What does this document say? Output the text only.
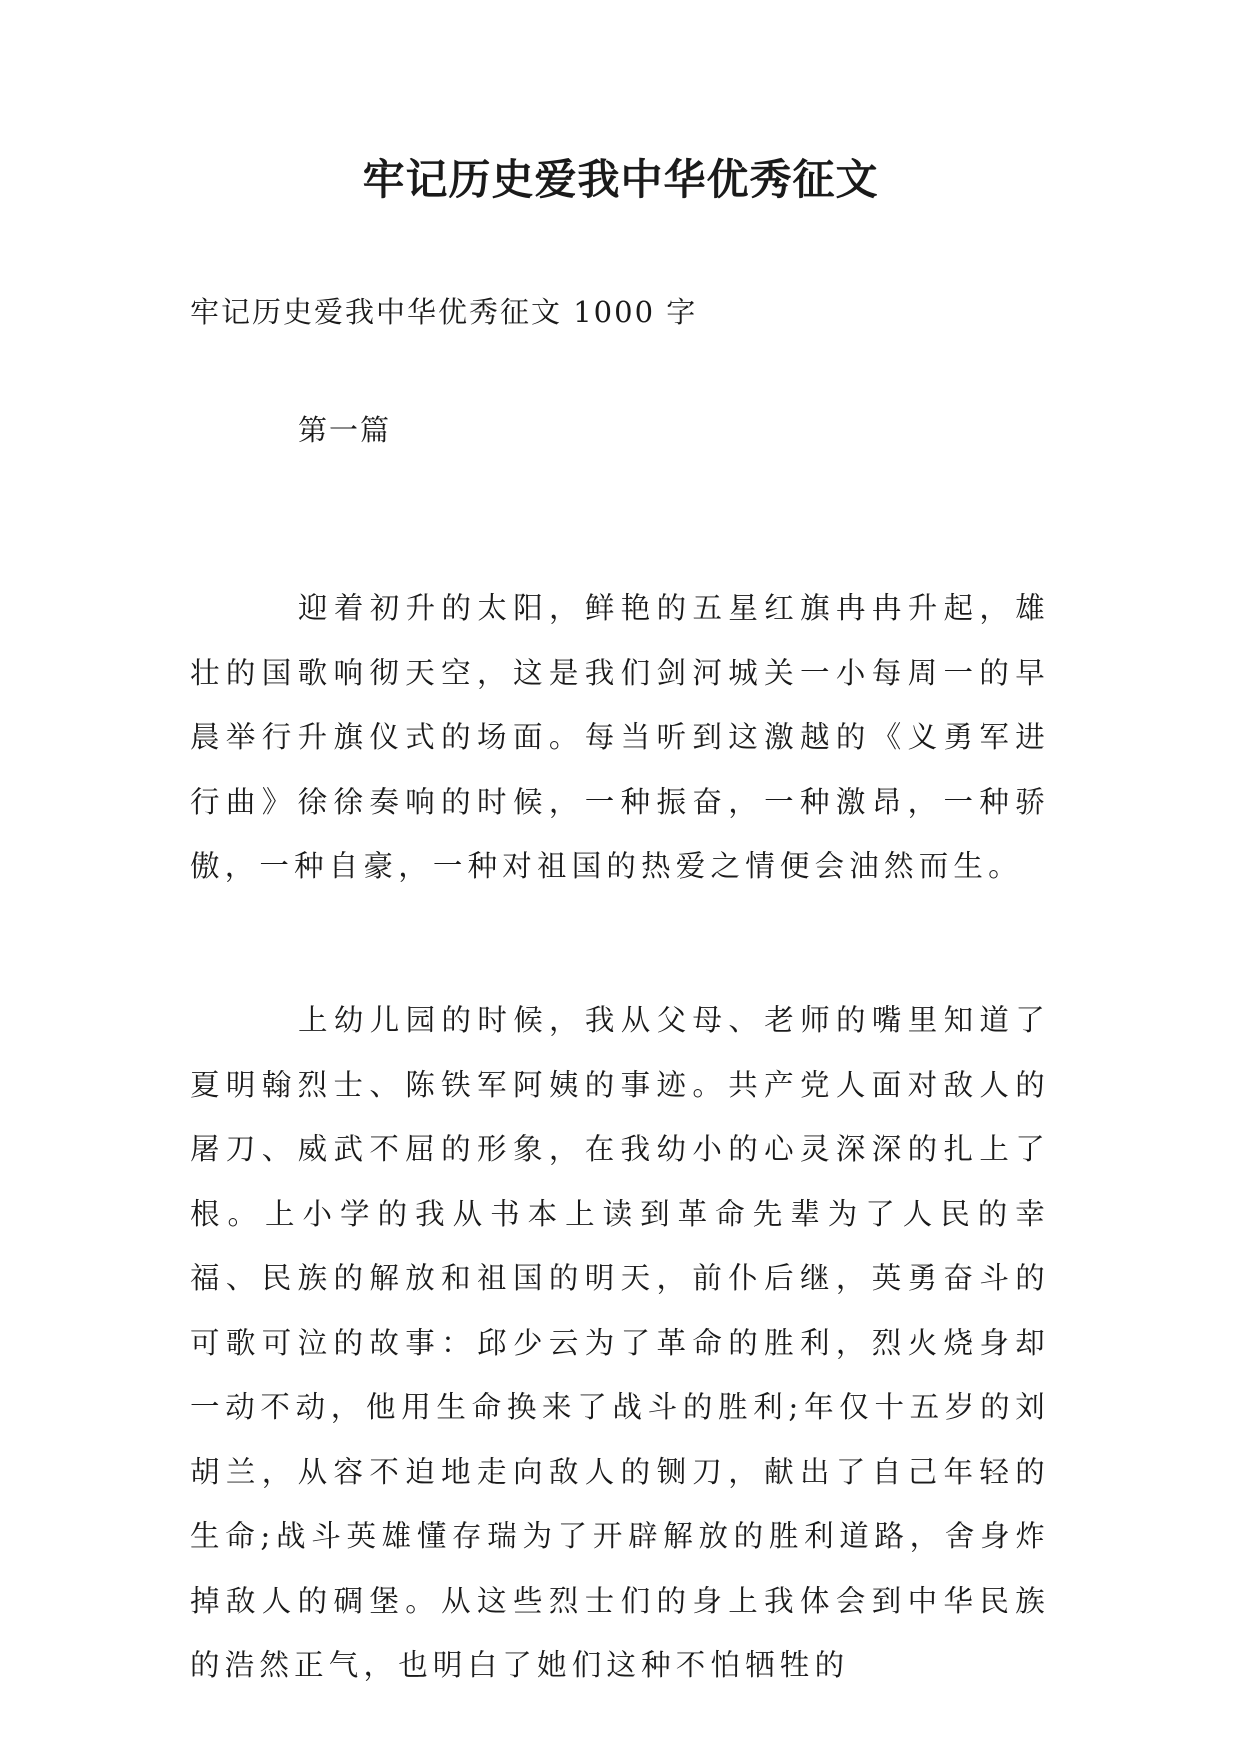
牢记历史爱我中华优秀征文

牢记历史爱我中华优秀征文 1000 字

第一篇

迎着初升的太阳，鲜艳的五星红旗冉冉升起，雄壮的国歌响彻天空，这是我们剑河城关一小每周一的早晨举行升旗仪式的场面。每当听到这激越的《义勇军进行曲》徐徐奏响的时候，一种振奋，一种激昂，一种骄傲，一种自豪，一种对祖国的热爱之情便会油然而生。

上幼儿园的时候，我从父母、老师的嘴里知道了夏明翰烈士、陈铁军阿姨的事迹。共产党人面对敌人的屠刀、威武不屈的形象，在我幼小的心灵深深的扎上了根。上小学的我从书本上读到革命先辈为了人民的幸福、民族的解放和祖国的明天，前仆后继，英勇奋斗的可歌可泣的故事：邱少云为了革命的胜利，烈火烧身却一动不动，他用生命换来了战斗的胜利;年仅十五岁的刘胡兰，从容不迫地走向敌人的铡刀，献出了自己年轻的生命;战斗英雄懂存瑞为了开辟解放的胜利道路，舍身炸掉敌人的碉堡。从这些烈士们的身上我体会到中华民族的浩然正气，也明白了她们这种不怕牺牲的
